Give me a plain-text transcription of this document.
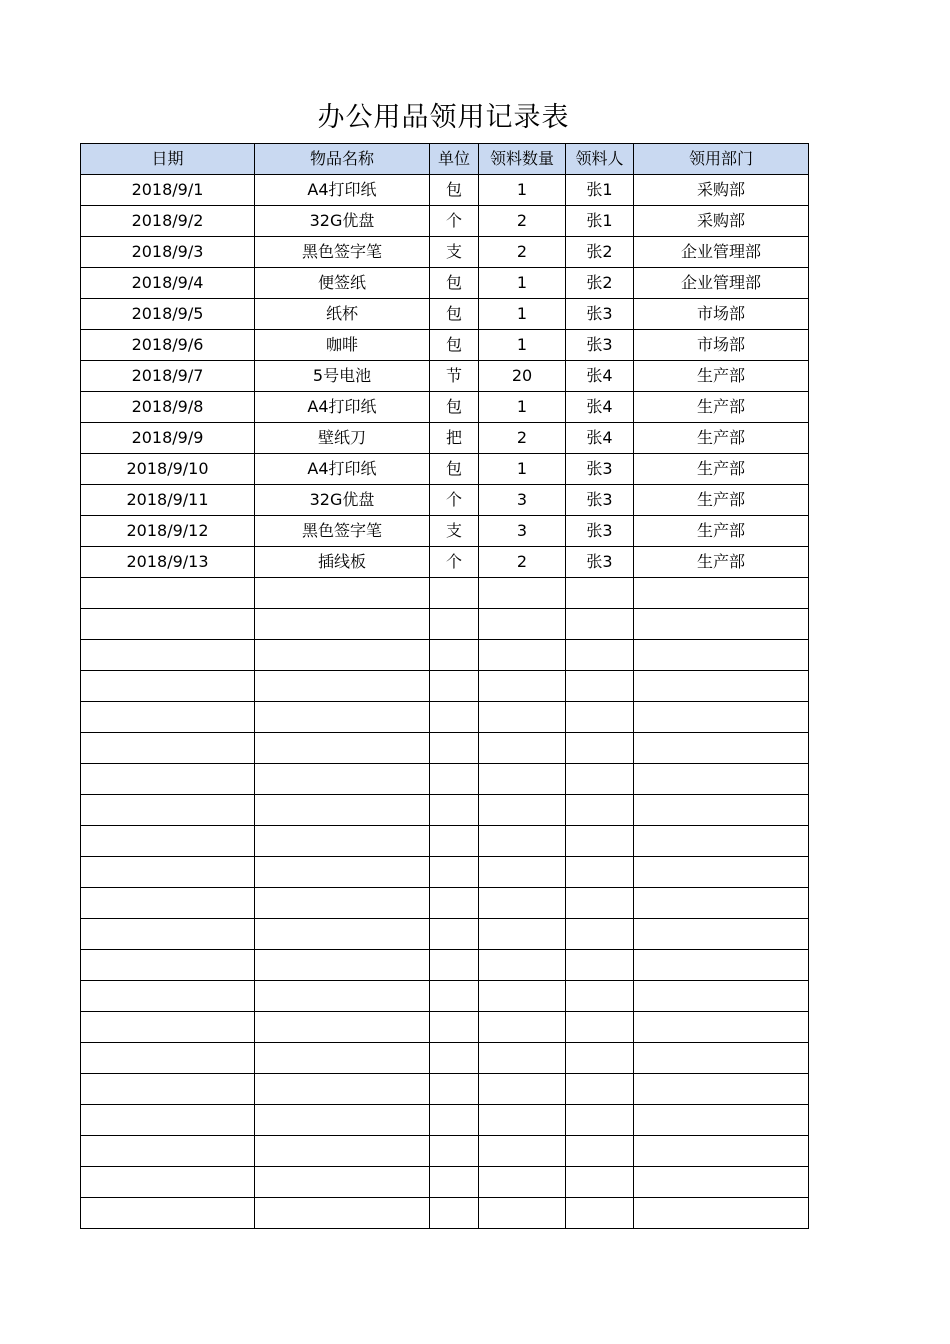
办公用品领用记录表
日期	物品名称	单位	领料数量	领料人	领用部门
2018/9/1	A4打印纸	包	1	张1	采购部
2018/9/2	32G优盘	个	2	张1	采购部
2018/9/3	黑色签字笔	支	2	张2	企业管理部
2018/9/4	便签纸	包	1	张2	企业管理部
2018/9/5	纸杯	包	1	张3	市场部
2018/9/6	咖啡	包	1	张3	市场部
2018/9/7	5号电池	节	20	张4	生产部
2018/9/8	A4打印纸	包	1	张4	生产部
2018/9/9	壁纸刀	把	2	张4	生产部
2018/9/10	A4打印纸	包	1	张3	生产部
2018/9/11	32G优盘	个	3	张3	生产部
2018/9/12	黑色签字笔	支	3	张3	生产部
2018/9/13	插线板	个	2	张3	生产部
